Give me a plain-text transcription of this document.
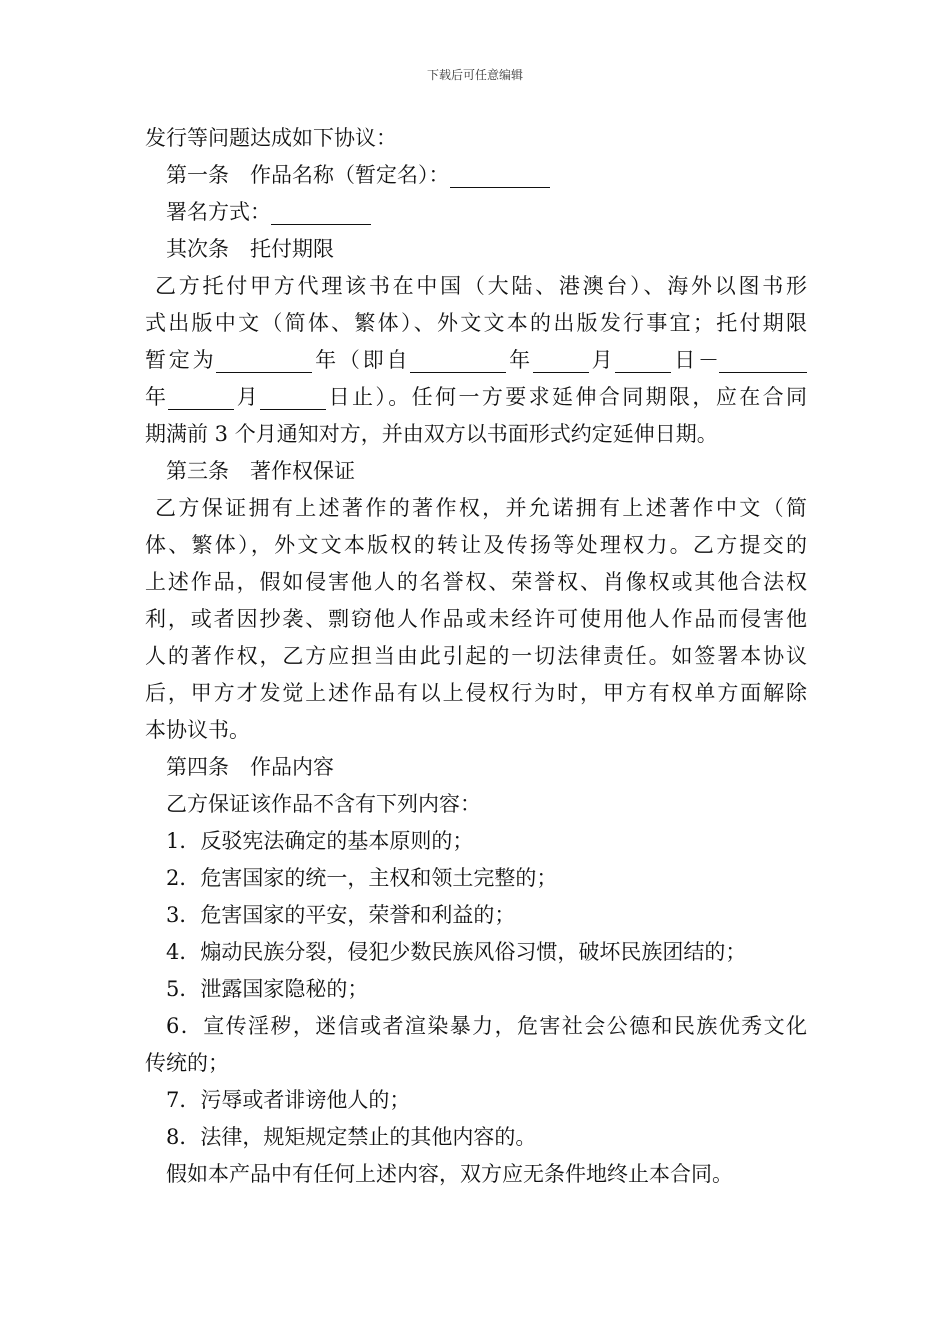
下载后可任意编辑
发行等问题达成如下协议：
第一条　作品名称（暂定名）：
署名方式：
其次条　托付期限
乙方托付甲方代理该书在中国（大陆、港澳台）、海外以图书形
式出版中文（简体、繁体）、外文文本的出版发行事宜；托付期限
暂定为	年（即自	年	月	日－
年	月	日止）。任何一方要求延伸合同期限，应在合同
期满前 3 个月通知对方，并由双方以书面形式约定延伸日期。
第三条　著作权保证
乙方保证拥有上述著作的著作权，并允诺拥有上述著作中文（简
体、繁体），外文文本版权的转让及传扬等处理权力。乙方提交的
上述作品，假如侵害他人的名誉权、荣誉权、肖像权或其他合法权
利，或者因抄袭、剽窃他人作品或未经许可使用他人作品而侵害他
人的著作权，乙方应担当由此引起的一切法律责任。如签署本协议
后，甲方才发觉上述作品有以上侵权行为时，甲方有权单方面解除
本协议书。
第四条　作品内容
乙方保证该作品不含有下列内容：
1．反驳宪法确定的基本原则的；
2．危害国家的统一，主权和领土完整的；
3．危害国家的平安，荣誉和利益的；
4．煽动民族分裂，侵犯少数民族风俗习惯，破坏民族团结的；
5．泄露国家隐秘的；
6．宣传淫秽，迷信或者渲染暴力，危害社会公德和民族优秀文化
传统的；
7．污辱或者诽谤他人的；
8．法律，规矩规定禁止的其他内容的。
假如本产品中有任何上述内容，双方应无条件地终止本合同。
